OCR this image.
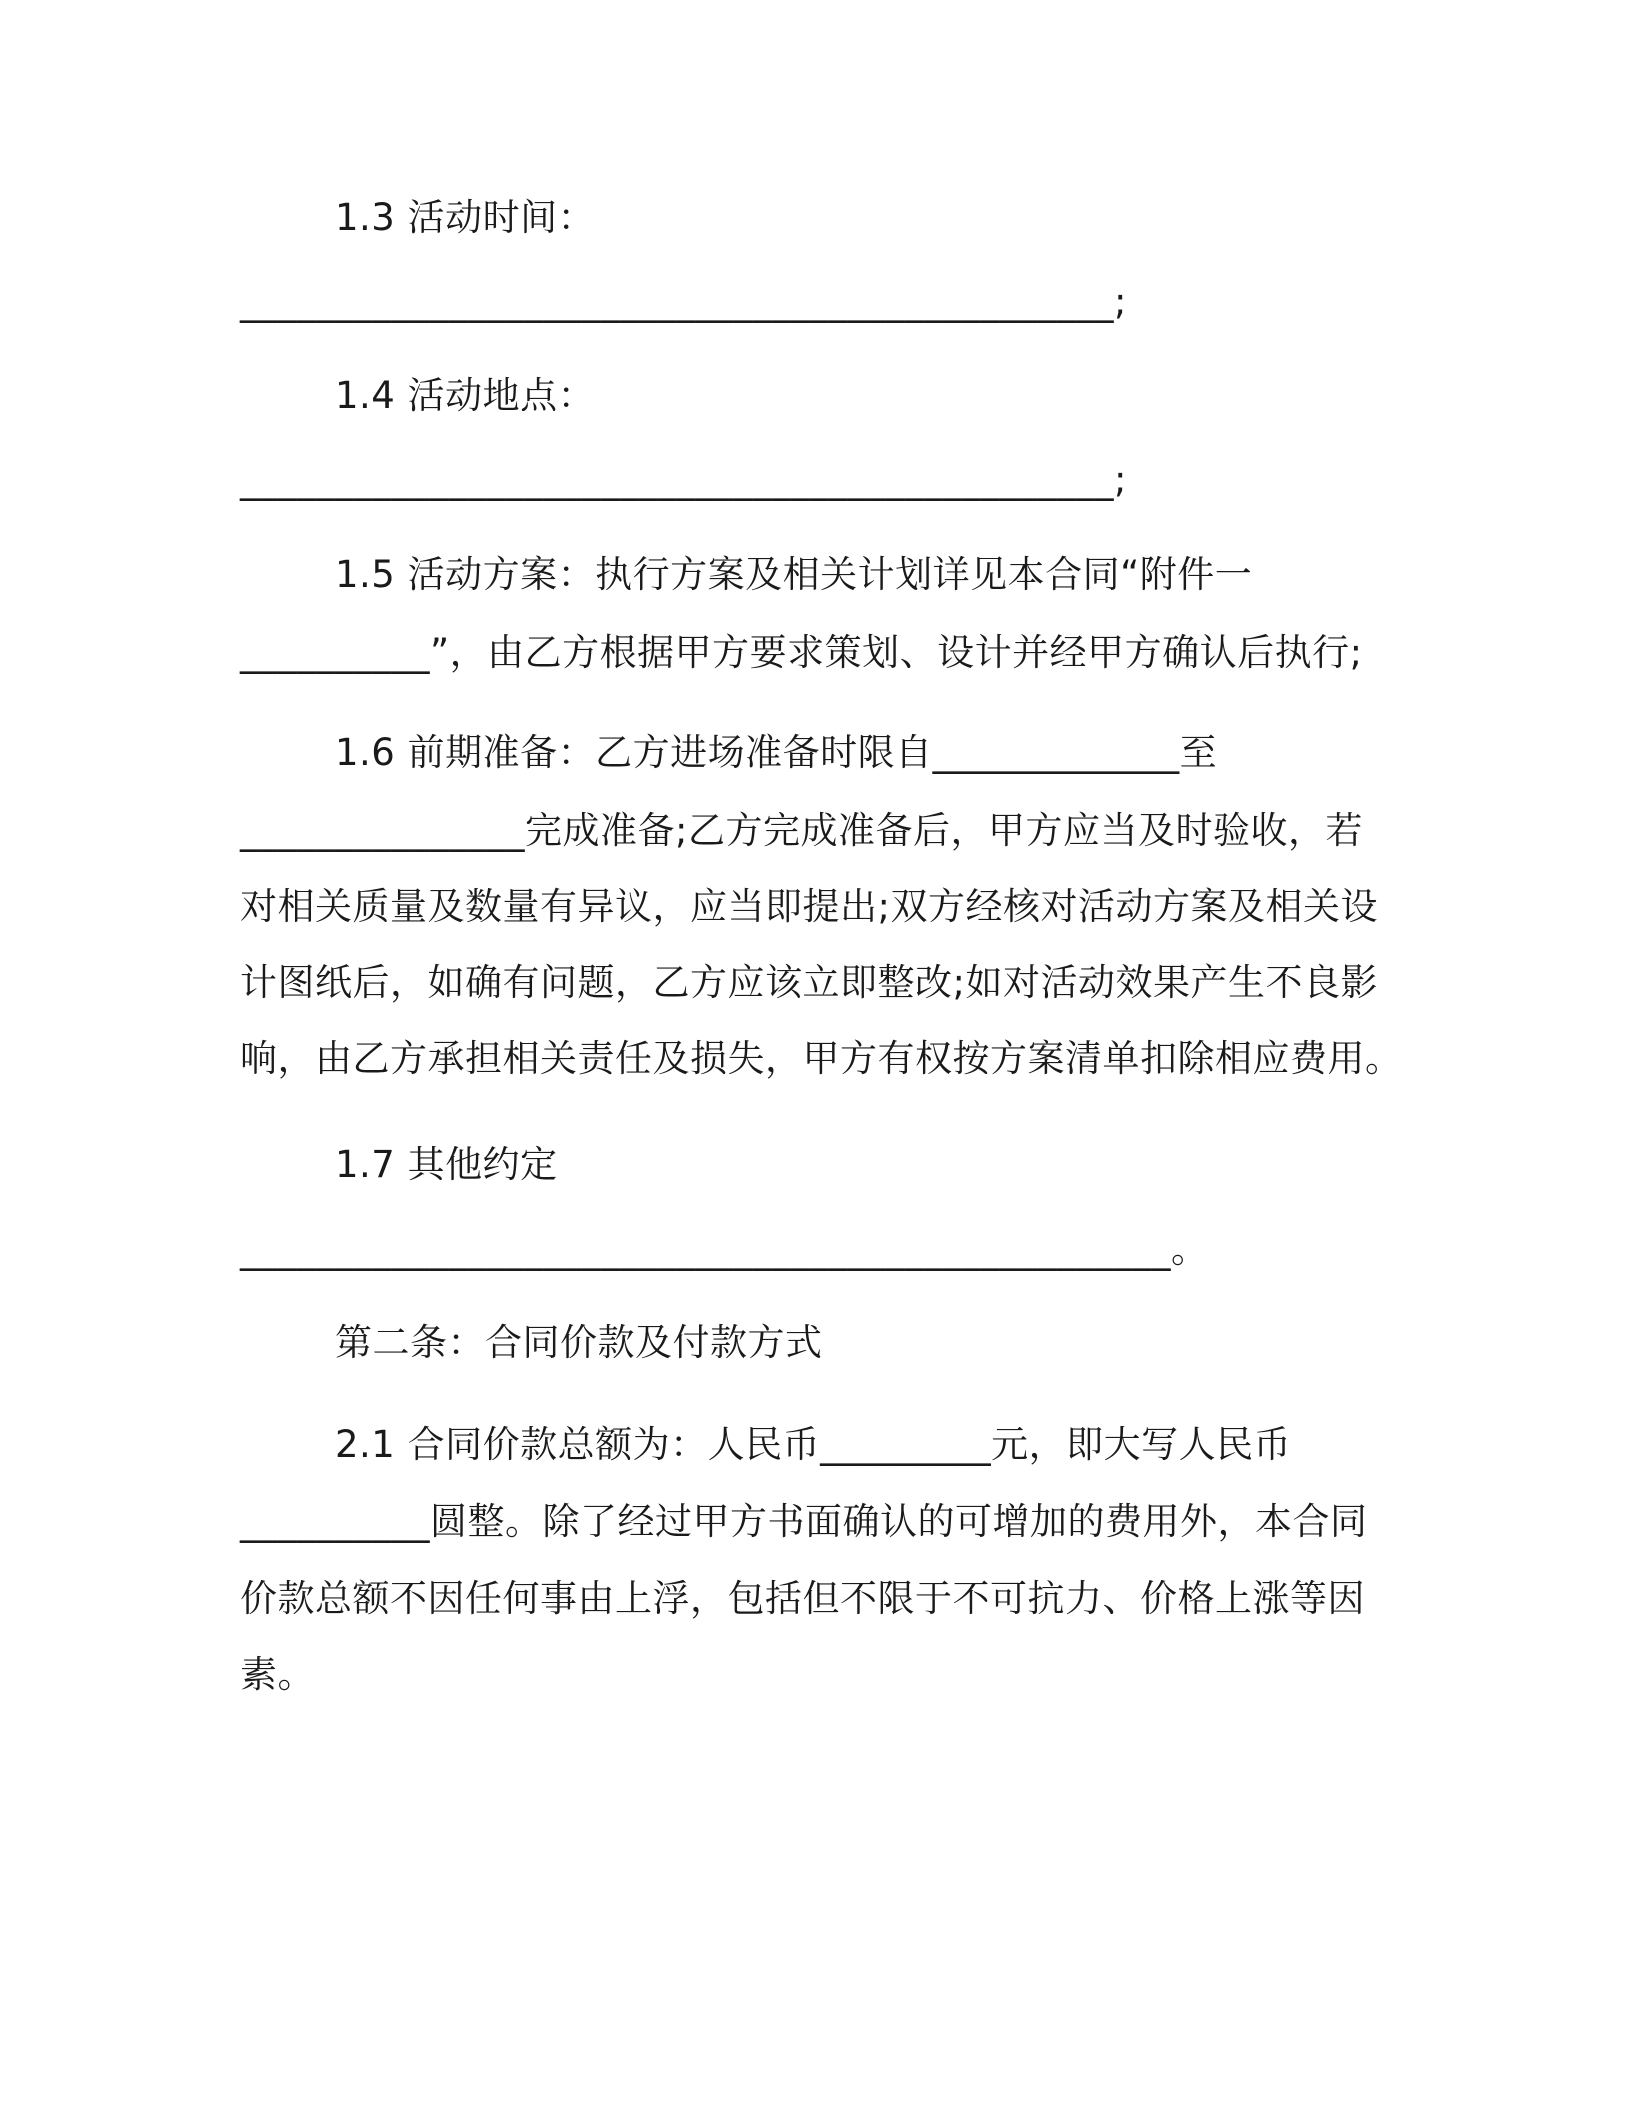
1.3 活动时间：
______________________________________________;
1.4 活动地点：
______________________________________________;
1.5 活动方案：执行方案及相关计划详见本合同“附件一
__________”，由乙方根据甲方要求策划、设计并经甲方确认后执行;
1.6 前期准备：乙方进场准备时限自_____________至
_______________完成准备;乙方完成准备后，甲方应当及时验收，若
对相关质量及数量有异议，应当即提出;双方经核对活动方案及相关设
计图纸后，如确有问题，乙方应该立即整改;如对活动效果产生不良影
响，由乙方承担相关责任及损失，甲方有权按方案清单扣除相应费用。
1.7 其他约定
_________________________________________________。
第二条：合同价款及付款方式
2.1 合同价款总额为：人民币_________元，即大写人民币
__________圆整。除了经过甲方书面确认的可增加的费用外，本合同
价款总额不因任何事由上浮，包括但不限于不可抗力、价格上涨等因
素。
